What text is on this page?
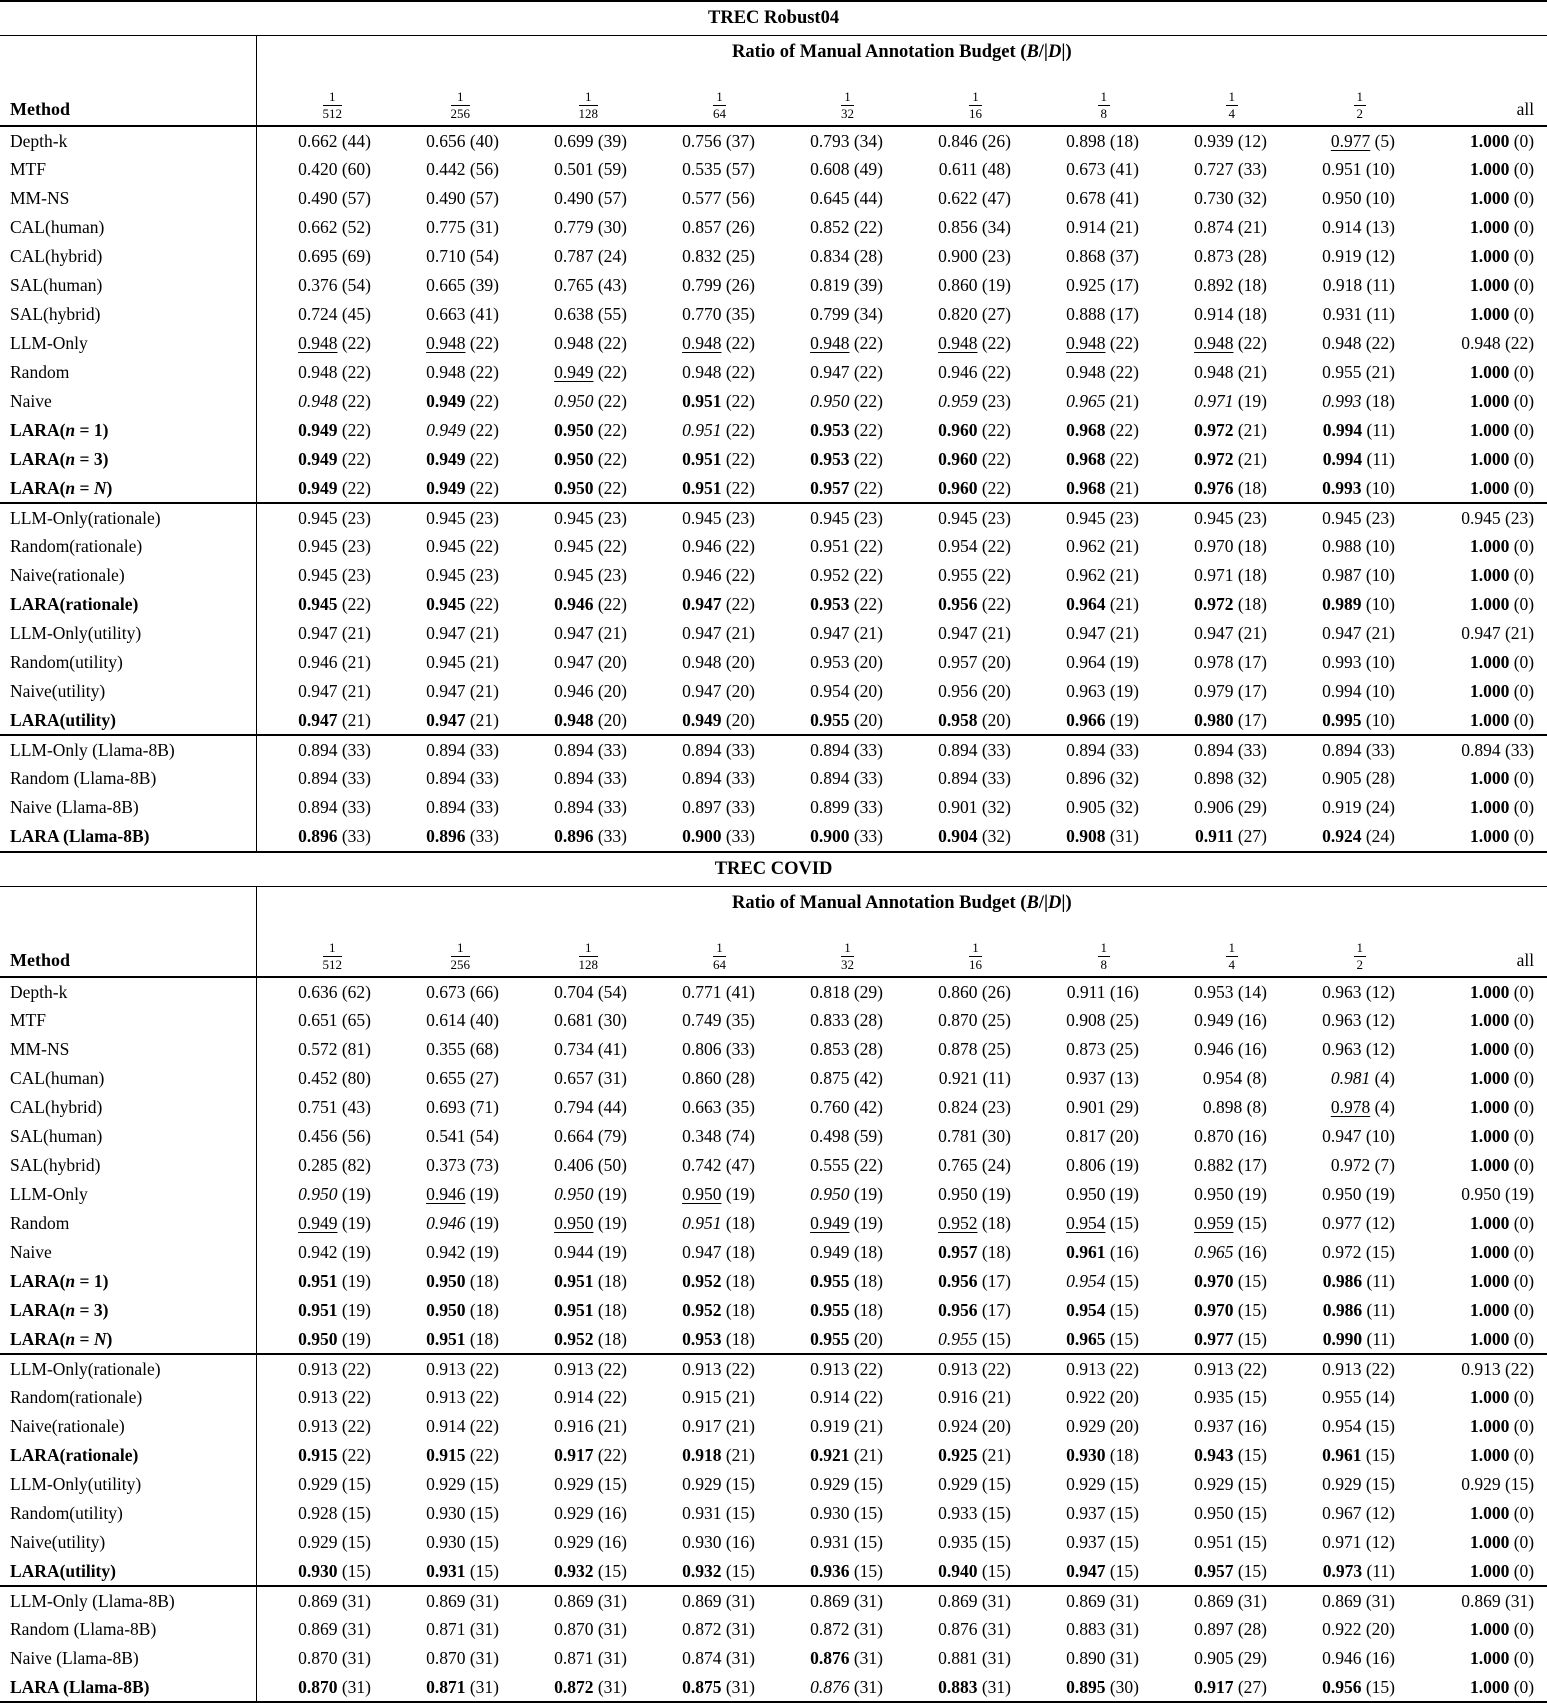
TREC Robust04										
	Ratio of Manual Annotation Budget (B/|D|)									
Method	$\frac{1}{512}$	$\frac{1}{256}$	$\frac{1}{128}$	$\frac{1}{64}$	$\frac{1}{32}$	$\frac{1}{16}$	$\frac{1}{8}$	$\frac{1}{4}$	$\frac{1}{2}$	all
Depth-k	0.662 (44)	0.656 (40)	0.699 (39)	0.756 (37)	0.793 (34)	0.846 (26)	0.898 (18)	0.939 (12)	0.977 (5)	1.000 (0)
MTF	0.420 (60)	0.442 (56)	0.501 (59)	0.535 (57)	0.608 (49)	0.611 (48)	0.673 (41)	0.727 (33)	0.951 (10)	1.000 (0)
MM-NS	0.490 (57)	0.490 (57)	0.490 (57)	0.577 (56)	0.645 (44)	0.622 (47)	0.678 (41)	0.730 (32)	0.950 (10)	1.000 (0)
CAL(human)	0.662 (52)	0.775 (31)	0.779 (30)	0.857 (26)	0.852 (22)	0.856 (34)	0.914 (21)	0.874 (21)	0.914 (13)	1.000 (0)
CAL(hybrid)	0.695 (69)	0.710 (54)	0.787 (24)	0.832 (25)	0.834 (28)	0.900 (23)	0.868 (37)	0.873 (28)	0.919 (12)	1.000 (0)
SAL(human)	0.376 (54)	0.665 (39)	0.765 (43)	0.799 (26)	0.819 (39)	0.860 (19)	0.925 (17)	0.892 (18)	0.918 (11)	1.000 (0)
SAL(hybrid)	0.724 (45)	0.663 (41)	0.638 (55)	0.770 (35)	0.799 (34)	0.820 (27)	0.888 (17)	0.914 (18)	0.931 (11)	1.000 (0)
LLM-Only	0.948 (22)	0.948 (22)	0.948 (22)	0.948 (22)	0.948 (22)	0.948 (22)	0.948 (22)	0.948 (22)	0.948 (22)	0.948 (22)
Random	0.948 (22)	0.948 (22)	0.949 (22)	0.948 (22)	0.947 (22)	0.946 (22)	0.948 (22)	0.948 (21)	0.955 (21)	1.000 (0)
Naive	0.948 (22)	0.949 (22)	0.950 (22)	0.951 (22)	0.950 (22)	0.959 (23)	0.965 (21)	0.971 (19)	0.993 (18)	1.000 (0)
LARA(n = 1)	0.949 (22)	0.949 (22)	0.950 (22)	0.951 (22)	0.953 (22)	0.960 (22)	0.968 (22)	0.972 (21)	0.994 (11)	1.000 (0)
LARA(n = 3)	0.949 (22)	0.949 (22)	0.950 (22)	0.951 (22)	0.953 (22)	0.960 (22)	0.968 (22)	0.972 (21)	0.994 (11)	1.000 (0)
LARA(n = N)	0.949 (22)	0.949 (22)	0.950 (22)	0.951 (22)	0.957 (22)	0.960 (22)	0.968 (21)	0.976 (18)	0.993 (10)	1.000 (0)
LLM-Only(rationale)	0.945 (23)	0.945 (23)	0.945 (23)	0.945 (23)	0.945 (23)	0.945 (23)	0.945 (23)	0.945 (23)	0.945 (23)	0.945 (23)
Random(rationale)	0.945 (23)	0.945 (22)	0.945 (22)	0.946 (22)	0.951 (22)	0.954 (22)	0.962 (21)	0.970 (18)	0.988 (10)	1.000 (0)
Naive(rationale)	0.945 (23)	0.945 (23)	0.945 (23)	0.946 (22)	0.952 (22)	0.955 (22)	0.962 (21)	0.971 (18)	0.987 (10)	1.000 (0)
LARA(rationale)	0.945 (22)	0.945 (22)	0.946 (22)	0.947 (22)	0.953 (22)	0.956 (22)	0.964 (21)	0.972 (18)	0.989 (10)	1.000 (0)
LLM-Only(utility)	0.947 (21)	0.947 (21)	0.947 (21)	0.947 (21)	0.947 (21)	0.947 (21)	0.947 (21)	0.947 (21)	0.947 (21)	0.947 (21)
Random(utility)	0.946 (21)	0.945 (21)	0.947 (20)	0.948 (20)	0.953 (20)	0.957 (20)	0.964 (19)	0.978 (17)	0.993 (10)	1.000 (0)
Naive(utility)	0.947 (21)	0.947 (21)	0.946 (20)	0.947 (20)	0.954 (20)	0.956 (20)	0.963 (19)	0.979 (17)	0.994 (10)	1.000 (0)
LARA(utility)	0.947 (21)	0.947 (21)	0.948 (20)	0.949 (20)	0.955 (20)	0.958 (20)	0.966 (19)	0.980 (17)	0.995 (10)	1.000 (0)
LLM-Only (Llama-8B)	0.894 (33)	0.894 (33)	0.894 (33)	0.894 (33)	0.894 (33)	0.894 (33)	0.894 (33)	0.894 (33)	0.894 (33)	0.894 (33)
Random (Llama-8B)	0.894 (33)	0.894 (33)	0.894 (33)	0.894 (33)	0.894 (33)	0.894 (33)	0.896 (32)	0.898 (32)	0.905 (28)	1.000 (0)
Naive (Llama-8B)	0.894 (33)	0.894 (33)	0.894 (33)	0.897 (33)	0.899 (33)	0.901 (32)	0.905 (32)	0.906 (29)	0.919 (24)	1.000 (0)
LARA (Llama-8B)	0.896 (33)	0.896 (33)	0.896 (33)	0.900 (33)	0.900 (33)	0.904 (32)	0.908 (31)	0.911 (27)	0.924 (24)	1.000 (0)
TREC COVID										
	Ratio of Manual Annotation Budget (B/|D|)									
Method	$\frac{1}{512}$	$\frac{1}{256}$	$\frac{1}{128}$	$\frac{1}{64}$	$\frac{1}{32}$	$\frac{1}{16}$	$\frac{1}{8}$	$\frac{1}{4}$	$\frac{1}{2}$	all
Depth-k	0.636 (62)	0.673 (66)	0.704 (54)	0.771 (41)	0.818 (29)	0.860 (26)	0.911 (16)	0.953 (14)	0.963 (12)	1.000 (0)
MTF	0.651 (65)	0.614 (40)	0.681 (30)	0.749 (35)	0.833 (28)	0.870 (25)	0.908 (25)	0.949 (16)	0.963 (12)	1.000 (0)
MM-NS	0.572 (81)	0.355 (68)	0.734 (41)	0.806 (33)	0.853 (28)	0.878 (25)	0.873 (25)	0.946 (16)	0.963 (12)	1.000 (0)
CAL(human)	0.452 (80)	0.655 (27)	0.657 (31)	0.860 (28)	0.875 (42)	0.921 (11)	0.937 (13)	0.954 (8)	0.981 (4)	1.000 (0)
CAL(hybrid)	0.751 (43)	0.693 (71)	0.794 (44)	0.663 (35)	0.760 (42)	0.824 (23)	0.901 (29)	0.898 (8)	0.978 (4)	1.000 (0)
SAL(human)	0.456 (56)	0.541 (54)	0.664 (79)	0.348 (74)	0.498 (59)	0.781 (30)	0.817 (20)	0.870 (16)	0.947 (10)	1.000 (0)
SAL(hybrid)	0.285 (82)	0.373 (73)	0.406 (50)	0.742 (47)	0.555 (22)	0.765 (24)	0.806 (19)	0.882 (17)	0.972 (7)	1.000 (0)
LLM-Only	0.950 (19)	0.946 (19)	0.950 (19)	0.950 (19)	0.950 (19)	0.950 (19)	0.950 (19)	0.950 (19)	0.950 (19)	0.950 (19)
Random	0.949 (19)	0.946 (19)	0.950 (19)	0.951 (18)	0.949 (19)	0.952 (18)	0.954 (15)	0.959 (15)	0.977 (12)	1.000 (0)
Naive	0.942 (19)	0.942 (19)	0.944 (19)	0.947 (18)	0.949 (18)	0.957 (18)	0.961 (16)	0.965 (16)	0.972 (15)	1.000 (0)
LARA(n = 1)	0.951 (19)	0.950 (18)	0.951 (18)	0.952 (18)	0.955 (18)	0.956 (17)	0.954 (15)	0.970 (15)	0.986 (11)	1.000 (0)
LARA(n = 3)	0.951 (19)	0.950 (18)	0.951 (18)	0.952 (18)	0.955 (18)	0.956 (17)	0.954 (15)	0.970 (15)	0.986 (11)	1.000 (0)
LARA(n = N)	0.950 (19)	0.951 (18)	0.952 (18)	0.953 (18)	0.955 (20)	0.955 (15)	0.965 (15)	0.977 (15)	0.990 (11)	1.000 (0)
LLM-Only(rationale)	0.913 (22)	0.913 (22)	0.913 (22)	0.913 (22)	0.913 (22)	0.913 (22)	0.913 (22)	0.913 (22)	0.913 (22)	0.913 (22)
Random(rationale)	0.913 (22)	0.913 (22)	0.914 (22)	0.915 (21)	0.914 (22)	0.916 (21)	0.922 (20)	0.935 (15)	0.955 (14)	1.000 (0)
Naive(rationale)	0.913 (22)	0.914 (22)	0.916 (21)	0.917 (21)	0.919 (21)	0.924 (20)	0.929 (20)	0.937 (16)	0.954 (15)	1.000 (0)
LARA(rationale)	0.915 (22)	0.915 (22)	0.917 (22)	0.918 (21)	0.921 (21)	0.925 (21)	0.930 (18)	0.943 (15)	0.961 (15)	1.000 (0)
LLM-Only(utility)	0.929 (15)	0.929 (15)	0.929 (15)	0.929 (15)	0.929 (15)	0.929 (15)	0.929 (15)	0.929 (15)	0.929 (15)	0.929 (15)
Random(utility)	0.928 (15)	0.930 (15)	0.929 (16)	0.931 (15)	0.930 (15)	0.933 (15)	0.937 (15)	0.950 (15)	0.967 (12)	1.000 (0)
Naive(utility)	0.929 (15)	0.930 (15)	0.929 (16)	0.930 (16)	0.931 (15)	0.935 (15)	0.937 (15)	0.951 (15)	0.971 (12)	1.000 (0)
LARA(utility)	0.930 (15)	0.931 (15)	0.932 (15)	0.932 (15)	0.936 (15)	0.940 (15)	0.947 (15)	0.957 (15)	0.973 (11)	1.000 (0)
LLM-Only (Llama-8B)	0.869 (31)	0.869 (31)	0.869 (31)	0.869 (31)	0.869 (31)	0.869 (31)	0.869 (31)	0.869 (31)	0.869 (31)	0.869 (31)
Random (Llama-8B)	0.869 (31)	0.871 (31)	0.870 (31)	0.872 (31)	0.872 (31)	0.876 (31)	0.883 (31)	0.897 (28)	0.922 (20)	1.000 (0)
Naive (Llama-8B)	0.870 (31)	0.870 (31)	0.871 (31)	0.874 (31)	0.876 (31)	0.881 (31)	0.890 (31)	0.905 (29)	0.946 (16)	1.000 (0)
LARA (Llama-8B)	0.870 (31)	0.871 (31)	0.872 (31)	0.875 (31)	0.876 (31)	0.883 (31)	0.895 (30)	0.917 (27)	0.956 (15)	1.000 (0)
